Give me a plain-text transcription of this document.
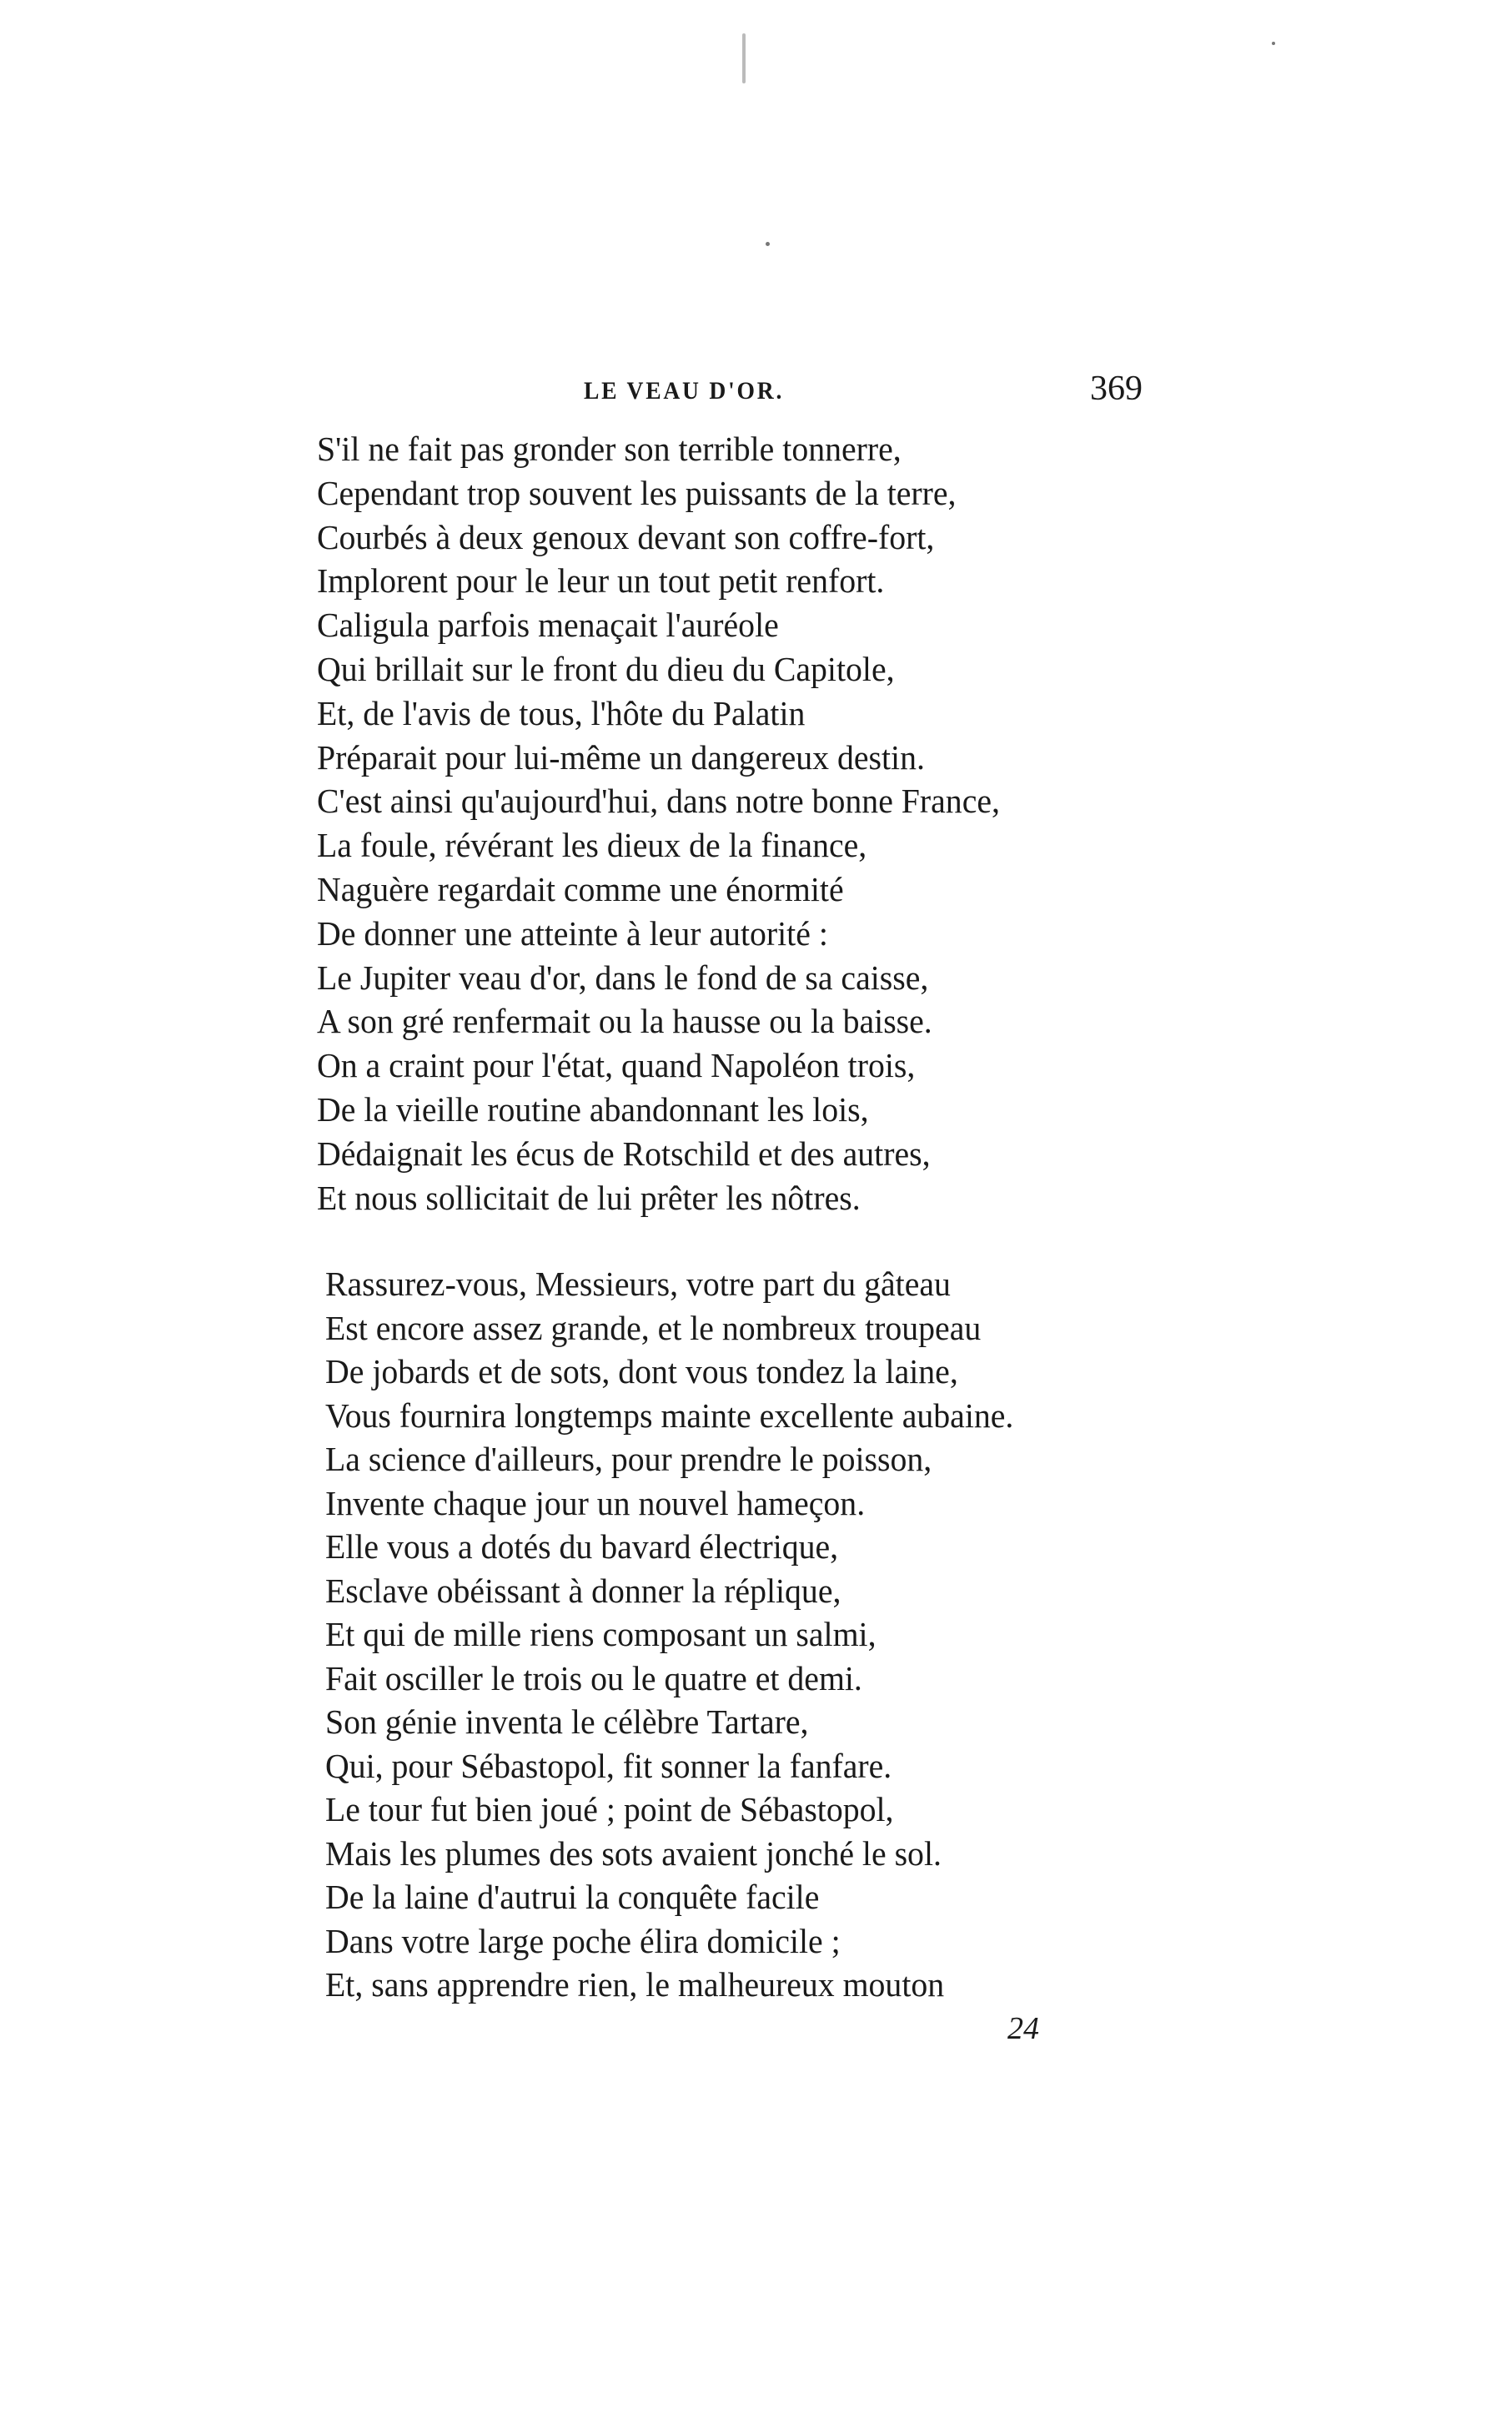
LE VEAU D'OR.	369
S'il ne fait pas gronder son terrible tonnerre,
Cependant trop souvent les puissants de la terre,
Courbés à deux genoux devant son coffre-fort,
Implorent pour le leur un tout petit renfort.
Caligula parfois menaçait l'auréole
Qui brillait sur le front du dieu du Capitole,
Et, de l'avis de tous, l'hôte du Palatin
Préparait pour lui-même un dangereux destin.
C'est ainsi qu'aujourd'hui, dans notre bonne France,
La foule, révérant les dieux de la finance,
Naguère regardait comme une énormité
De donner une atteinte à leur autorité :
Le Jupiter veau d'or, dans le fond de sa caisse,
A son gré renfermait ou la hausse ou la baisse.
On a craint pour l'état, quand Napoléon trois,
De la vieille routine abandonnant les lois,
Dédaignait les écus de Rotschild et des autres,
Et nous sollicitait de lui prêter les nôtres.
Rassurez-vous, Messieurs, votre part du gâteau
Est encore assez grande, et le nombreux troupeau
De jobards et de sots, dont vous tondez la laine,
Vous fournira longtemps mainte excellente aubaine.
La science d'ailleurs, pour prendre le poisson,
Invente chaque jour un nouvel hameçon.
Elle vous a dotés du bavard électrique,
Esclave obéissant à donner la réplique,
Et qui de mille riens composant un salmi,
Fait osciller le trois ou le quatre et demi.
Son génie inventa le célèbre Tartare,
Qui, pour Sébastopol, fit sonner la fanfare.
Le tour fut bien joué ; point de Sébastopol,
Mais les plumes des sots avaient jonché le sol.
De la laine d'autrui la conquête facile
Dans votre large poche élira domicile ;
Et, sans apprendre rien, le malheureux mouton
24
